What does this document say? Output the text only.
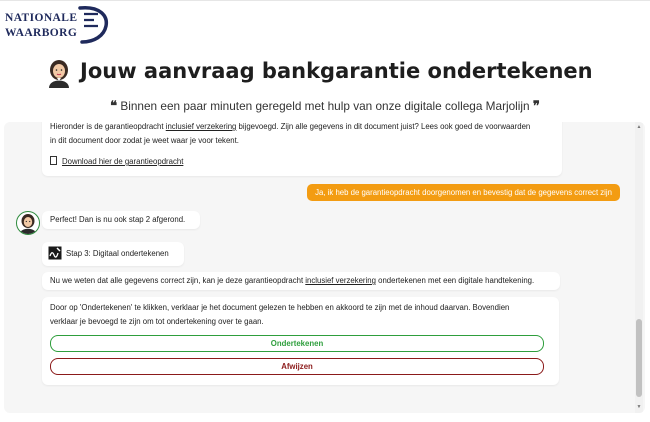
NATIONALE
WAARBORG
Jouw aanvraag bankgarantie ondertekenen
❝ Binnen een paar minuten geregeld met hulp van onze digitale collega Marjolijn ❞
Hieronder is de garantieopdracht inclusief verzekering bijgevoegd. Zijn alle gegevens in dit document juist? Lees ook goed de voorwaarden
in dit document door zodat je weet waar je voor tekent.
Download hier de garantieopdracht
Ja, ik heb de garantieopdracht doorgenomen en bevestig dat de gegevens correct zijn
Perfect! Dan is nu ook stap 2 afgerond.
Stap 3: Digitaal ondertekenen
Nu we weten dat alle gegevens correct zijn, kan je deze garantieopdracht inclusief verzekering ondertekenen met een digitale handtekening.
Door op 'Ondertekenen' te klikken, verklaar je het document gelezen te hebben en akkoord te zijn met de inhoud daarvan. Bovendien
verklaar je bevoegd te zijn om tot ondertekening over te gaan.
Ondertekenen
Afwijzen
▲
▼
